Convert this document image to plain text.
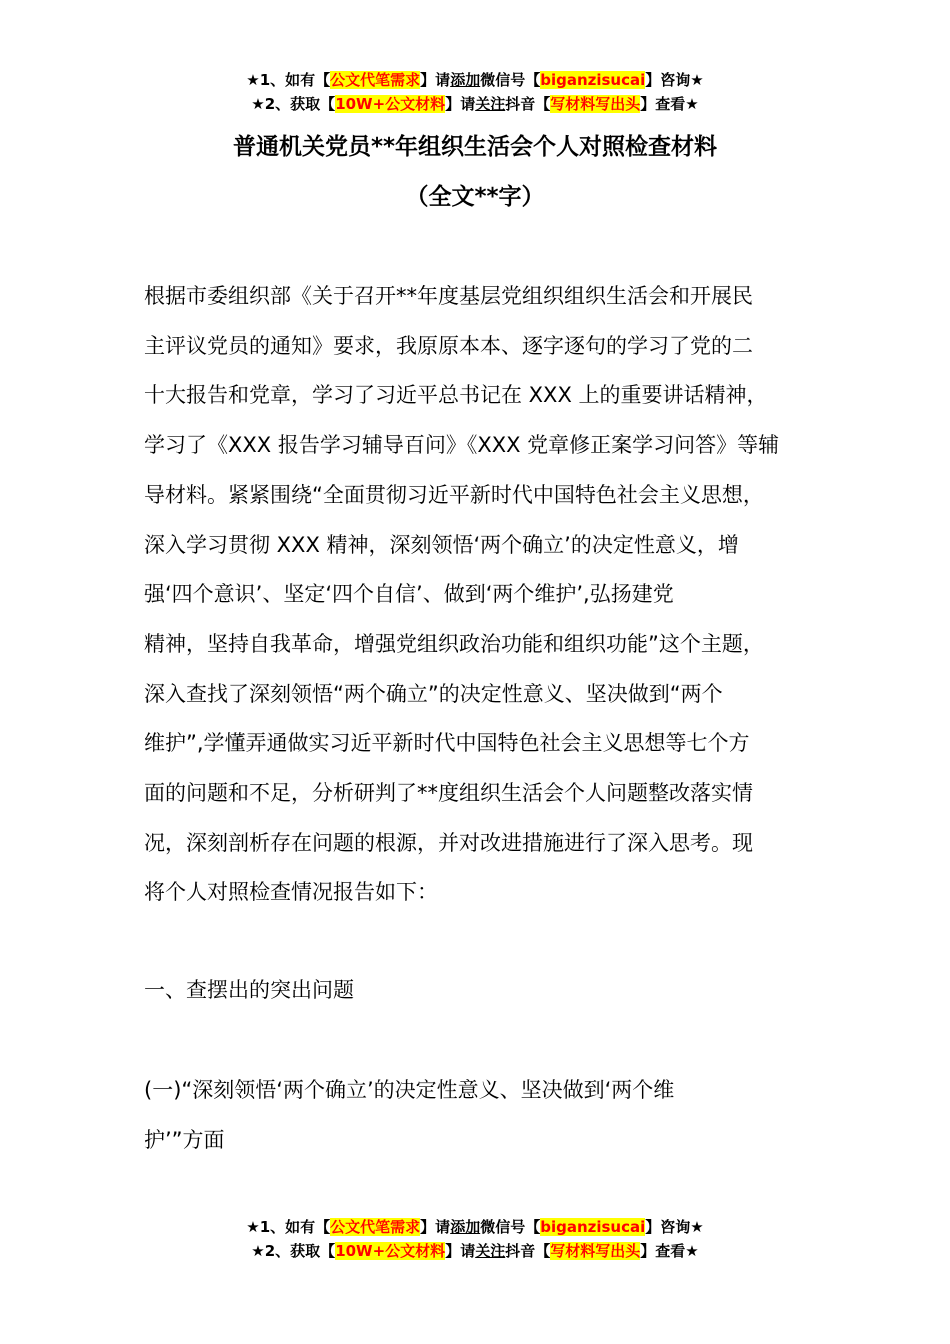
★1、如有【公文代笔需求】请添加微信号【biganzisucai】咨询★
★2、获取【10W+公文材料】请关注抖音【写材料写出头】查看★
普通机关党员**年组织生活会个人对照检查材料
（全文**字）
根据市委组织部《关于召开**年度基层党组织组织生活会和开展民
主评议党员的通知》要求，我原原本本、逐字逐句的学习了党的二
十大报告和党章，学习了习近平总书记在 XXX 上的重要讲话精神，
学习了《XXX 报告学习辅导百问》《XXX 党章修正案学习问答》等辅
导材料。紧紧围绕“全面贯彻习近平新时代中国特色社会主义思想，
深入学习贯彻 XXX 精神，深刻领悟‘两个确立’的决定性意义，增
强‘四个意识’、坚定‘四个自信’、做到‘两个维护’,弘扬建党
精神，坚持自我革命，增强党组织政治功能和组织功能”这个主题，
深入查找了深刻领悟“两个确立”的决定性意义、坚决做到“两个
维护”,学懂弄通做实习近平新时代中国特色社会主义思想等七个方
面的问题和不足，分析研判了**度组织生活会个人问题整改落实情
况，深刻剖析存在问题的根源，并对改进措施进行了深入思考。现
将个人对照检查情况报告如下：
一、查摆出的突出问题
(一)“深刻领悟‘两个确立’的决定性意义、坚决做到‘两个维
护’”方面
★1、如有【公文代笔需求】请添加微信号【biganzisucai】咨询★
★2、获取【10W+公文材料】请关注抖音【写材料写出头】查看★
